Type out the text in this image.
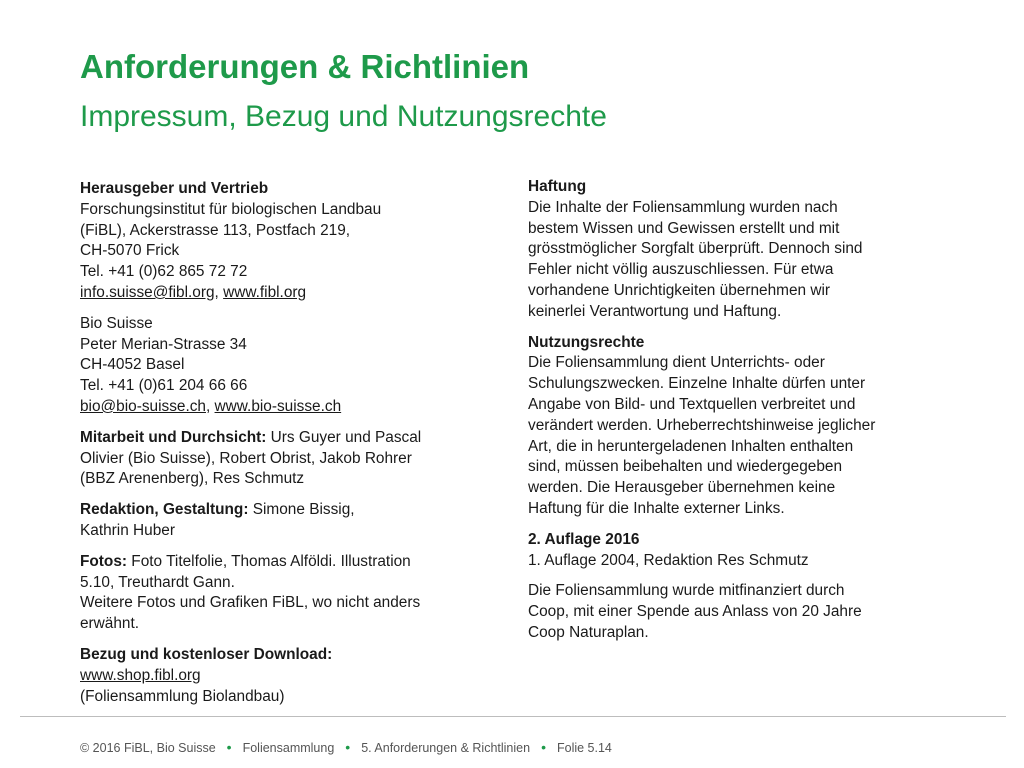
Anforderungen & Richtlinien
Impressum, Bezug und Nutzungsrechte
Herausgeber und Vertrieb
Forschungsinstitut für biologischen Landbau
(FiBL), Ackerstrasse 113, Postfach 219,
CH-5070 Frick
Tel. +41 (0)62 865 72 72
info.suisse@fibl.org, www.fibl.org
Bio Suisse
Peter Merian-Strasse 34
CH-4052 Basel
Tel. +41 (0)61 204 66 66
bio@bio-suisse.ch, www.bio-suisse.ch
Mitarbeit und Durchsicht: Urs Guyer und Pascal
Olivier (Bio Suisse), Robert Obrist, Jakob Rohrer
(BBZ Arenenberg), Res Schmutz
Redaktion, Gestaltung: Simone Bissig,
Kathrin Huber
Fotos: Foto Titelfolie, Thomas Alföldi. Illustration
5.10, Treuthardt Gann.
Weitere Fotos und Grafiken FiBL, wo nicht anders
erwähnt.
Bezug und kostenloser Download:
www.shop.fibl.org
(Foliensammlung Biolandbau)
Haftung
Die Inhalte der Foliensammlung wurden nach
bestem Wissen und Gewissen erstellt und mit
grösstmöglicher Sorgfalt überprüft. Dennoch sind
Fehler nicht völlig auszuschliessen. Für etwa
vorhandene Unrichtigkeiten übernehmen wir
keinerlei Verantwortung und Haftung.
Nutzungsrechte
Die Foliensammlung dient Unterrichts- oder
Schulungszwecken. Einzelne Inhalte dürfen unter
Angabe von Bild- und Textquellen verbreitet und
verändert werden. Urheberrechtshinweise jeglicher
Art, die in heruntergeladenen Inhalten enthalten
sind, müssen beibehalten und wiedergegeben
werden. Die Herausgeber übernehmen keine
Haftung für die Inhalte externer Links.
2. Auflage 2016
1. Auflage 2004, Redaktion Res Schmutz
Die Foliensammlung wurde mitfinanziert durch
Coop, mit einer Spende aus Anlass von 20 Jahre
Coop Naturaplan.
© 2016 FiBL, Bio Suisse • Foliensammlung • 5. Anforderungen & Richtlinien • Folie 5.14
